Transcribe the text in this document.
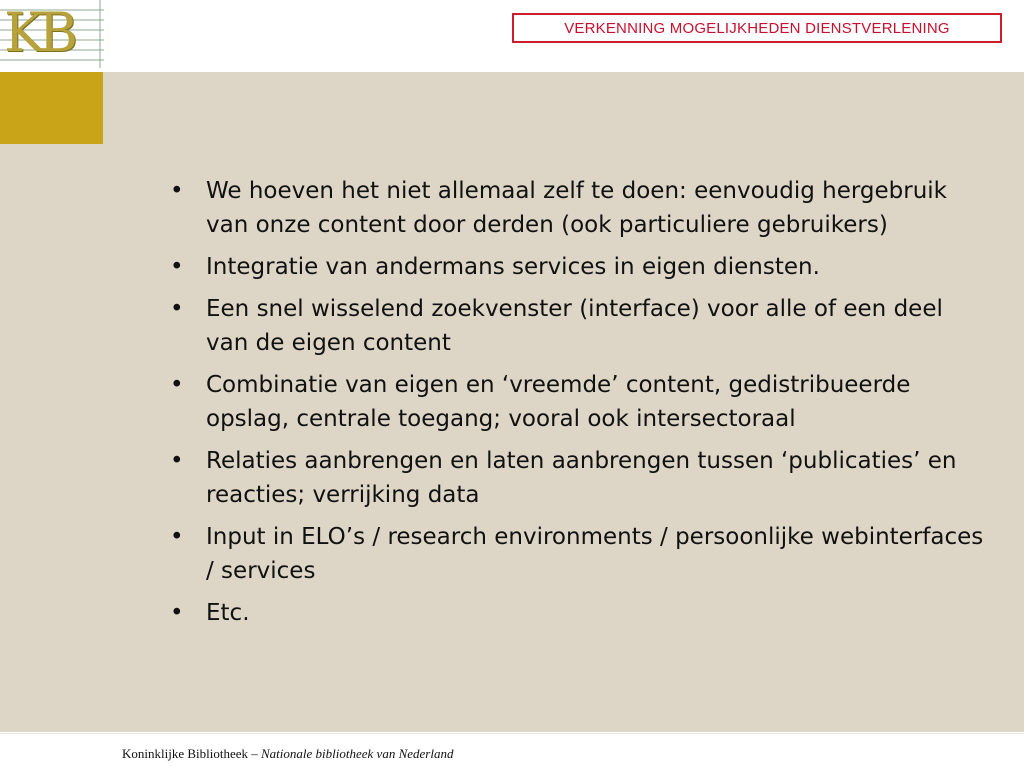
KB	VERKENNING MOGELIJKHEDEN DIENSTVERLENING
• We hoeven het niet allemaal zelf te doen: eenvoudig hergebruik van onze content door derden (ook particuliere gebruikers)
• Integratie van andermans services in eigen diensten.
• Een snel wisselend zoekvenster (interface) voor alle of een deel van de eigen content
• Combinatie van eigen en ‘vreemde’ content, gedistribueerde opslag, centrale toegang; vooral ook intersectoraal
• Relaties aanbrengen en laten aanbrengen tussen ‘publicaties’ en reacties; verrijking data
• Input in ELO’s / research environments / persoonlijke webinterfaces / services
• Etc.
Koninklijke Bibliotheek – Nationale bibliotheek van Nederland
